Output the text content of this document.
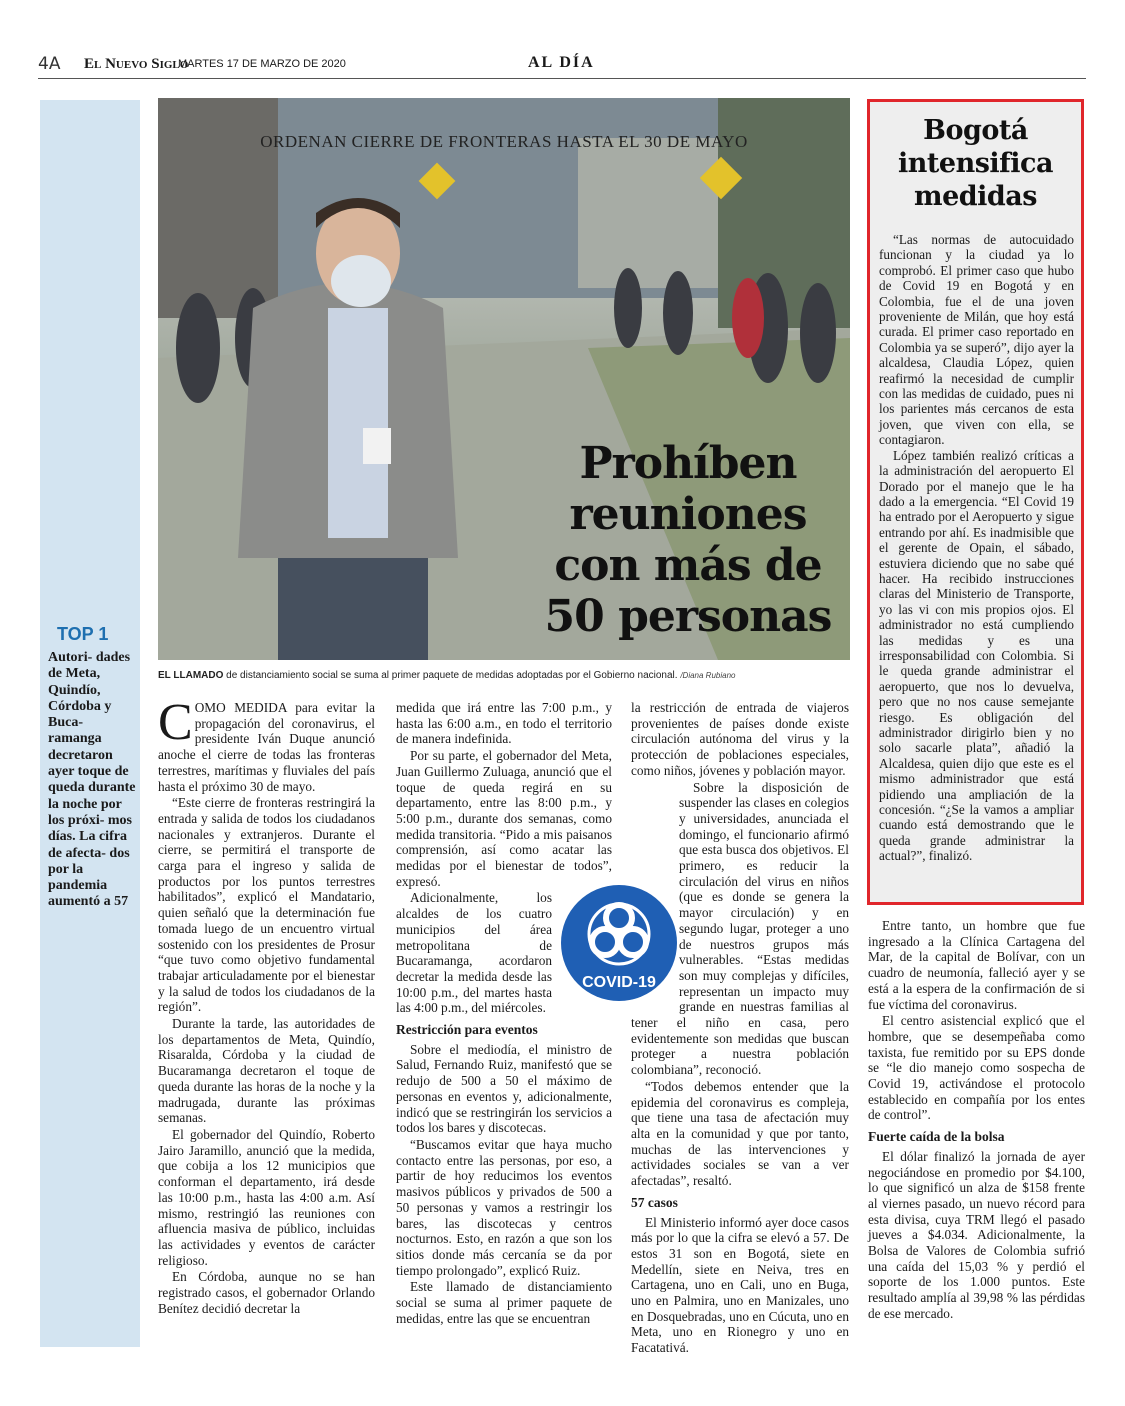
4A El Nuevo Siglo
MARTES 17 DE MARZO DE 2020	AL DÍA
TOP 1
Autori- dades de Meta, Quindío, Córdoba y Buca- ramanga decretaron ayer toque de queda durante la noche por los próxi- mos días. La cifra de afecta- dos por la pandemia aumentó a 57
ORDENAN CIERRE DE FRONTERAS HASTA EL 30 DE MAYO
Prohíben reuniones con más de 50 personas
EL LLAMADO de distanciamiento social se suma al primer paquete de medidas adoptadas por el Gobierno nacional. /Diana Rubiano

COMO MEDIDA para evitar la propagación del coronavirus, el presidente Iván Duque anunció anoche el cierre de todas las fronteras terrestres, marítimas y fluviales del país hasta el próximo 30 de mayo.

“Este cierre de fronteras restringirá la entrada y salida de todos los ciudadanos nacionales y extranjeros. Durante el cierre, se permitirá el transporte de carga para el ingreso y salida de productos por los puntos terrestres habilitados”, explicó el Mandatario, quien señaló que la determinación fue tomada luego de un encuentro virtual sostenido con los presidentes de Prosur “que tuvo como objetivo fundamental trabajar articuladamente por el bienestar y la salud de todos los ciudadanos de la región”.

Durante la tarde, las autoridades de los departamentos de Meta, Quindío, Risaralda, Córdoba y la ciudad de Bucaramanga decretaron el toque de queda durante las horas de la noche y la madrugada, durante las próximas semanas.

El gobernador del Quindío, Roberto Jairo Jaramillo, anunció que la medida, que cobija a los 12 municipios que conforman el departamento, irá desde las 10:00 p.m., hasta las 4:00 a.m. Así mismo, restringió las reuniones con afluencia masiva de público, incluidas las actividades y eventos de carácter religioso.

En Córdoba, aunque no se han registrado casos, el gobernador Orlando Benítez decidió decretar la

medida que irá entre las 7:00 p.m., y hasta las 6:00 a.m., en todo el territorio de manera indefinida.

Por su parte, el gobernador del Meta, Juan Guillermo Zuluaga, anunció que el toque de queda regirá en su departamento, entre las 8:00 p.m., y 5:00 p.m., durante dos semanas, como medida transitoria. “Pido a mis paisanos comprensión, así como acatar las medidas por el bienestar de todos”, expresó.

Adicionalmente, los alcaldes de los cuatro municipios del área metropolitana de Bucaramanga, acordaron decretar la medida desde las 10:00 p.m., del martes hasta las 4:00 p.m., del miércoles.

Restricción para eventos

Sobre el mediodía, el ministro de Salud, Fernando Ruiz, manifestó que se redujo de 500 a 50 el máximo de personas en eventos y, adicionalmente, indicó que se restringirán los servicios a todos los bares y discotecas.

“Buscamos evitar que haya mucho contacto entre las personas, por eso, a partir de hoy reducimos los eventos masivos públicos y privados de 500 a 50 personas y vamos a restringir los bares, las discotecas y centros nocturnos. Esto, en razón a que son los sitios donde más cercanía se da por tiempo prolongado”, explicó Ruiz.

Este llamado de distanciamiento social se suma al primer paquete de medidas, entre las que se encuentran

la restricción de entrada de viajeros provenientes de países donde existe circulación autónoma del virus y la protección de poblaciones especiales, como niños, jóvenes y población mayor.

Sobre la disposición de suspender las clases en colegios y universidades, anunciada el domingo, el funcionario afirmó que esta busca dos objetivos. El primero, es reducir la circulación del virus en niños (que es donde se genera la mayor circulación) y en segundo lugar, proteger a uno de nuestros grupos más vulnerables. “Estas medidas son muy complejas y difíciles, representan un impacto muy grande en nuestras familias al tener el niño en casa, pero evidentemente son medidas que buscan proteger a nuestra población colombiana”, reconoció.

“Todos debemos entender que la epidemia del coronavirus es compleja, que tiene una tasa de afectación muy alta en la comunidad y que por tanto, muchas de las intervenciones y actividades sociales se van a ver afectadas”, resaltó.

57 casos

El Ministerio informó ayer doce casos más por lo que la cifra se elevó a 57. De estos 31 son en Bogotá, siete en Medellín, siete en Neiva, tres en Cartagena, uno en Cali, uno en Buga, uno en Palmira, uno en Manizales, uno en Dosquebradas, uno en Cúcuta, uno en Meta, uno en Rionegro y uno en Facatativá.

COVID-19
Bogotá intensifica medidas

“Las normas de autocuidado funcionan y la ciudad ya lo comprobó. El primer caso que hubo de Covid 19 en Bogotá y en Colombia, fue el de una joven proveniente de Milán, que hoy está curada. El primer caso reportado en Colombia ya se superó”, dijo ayer la alcaldesa, Claudia López, quien reafirmó la necesidad de cumplir con las medidas de cuidado, pues ni los parientes más cercanos de esta joven, que viven con ella, se contagiaron.

López también realizó críticas a la administración del aeropuerto El Dorado por el manejo que le ha dado a la emergencia. “El Covid 19 ha entrado por el Aeropuerto y sigue entrando por ahí. Es inadmisible que el gerente de Opain, el sábado, estuviera diciendo que no sabe qué hacer. Ha recibido instrucciones claras del Ministerio de Transporte, yo las vi con mis propios ojos. El administrador no está cumpliendo las medidas y es una irresponsabilidad con Colombia. Si le queda grande administrar el aeropuerto, que nos lo devuelva, pero que no nos cause semejante riesgo. Es obligación del administrador dirigirlo bien y no solo sacarle plata”, añadió la Alcaldesa, quien dijo que este es el mismo administrador que está pidiendo una ampliación de la concesión. “¿Se la vamos a ampliar cuando está demostrando que le queda grande administrar la actual?”, finalizó.

Entre tanto, un hombre que fue ingresado a la Clínica Cartagena del Mar, de la capital de Bolívar, con un cuadro de neumonía, falleció ayer y se está a la espera de la confirmación de si fue víctima del coronavirus.

El centro asistencial explicó que el hombre, que se desempeñaba como taxista, fue remitido por su EPS donde se “le dio manejo como sospecha de Covid 19, activándose el protocolo establecido en compañía por los entes de control”.

Fuerte caída de la bolsa

El dólar finalizó la jornada de ayer negociándose en promedio por $4.100, lo que significó un alza de $158 frente al viernes pasado, un nuevo récord para esta divisa, cuya TRM llegó el pasado jueves a $4.034. Adicionalmente, la Bolsa de Valores de Colombia sufrió una caída del 15,03 % y perdió el soporte de los 1.000 puntos. Este resultado amplía al 39,98 % las pérdidas de ese mercado.
